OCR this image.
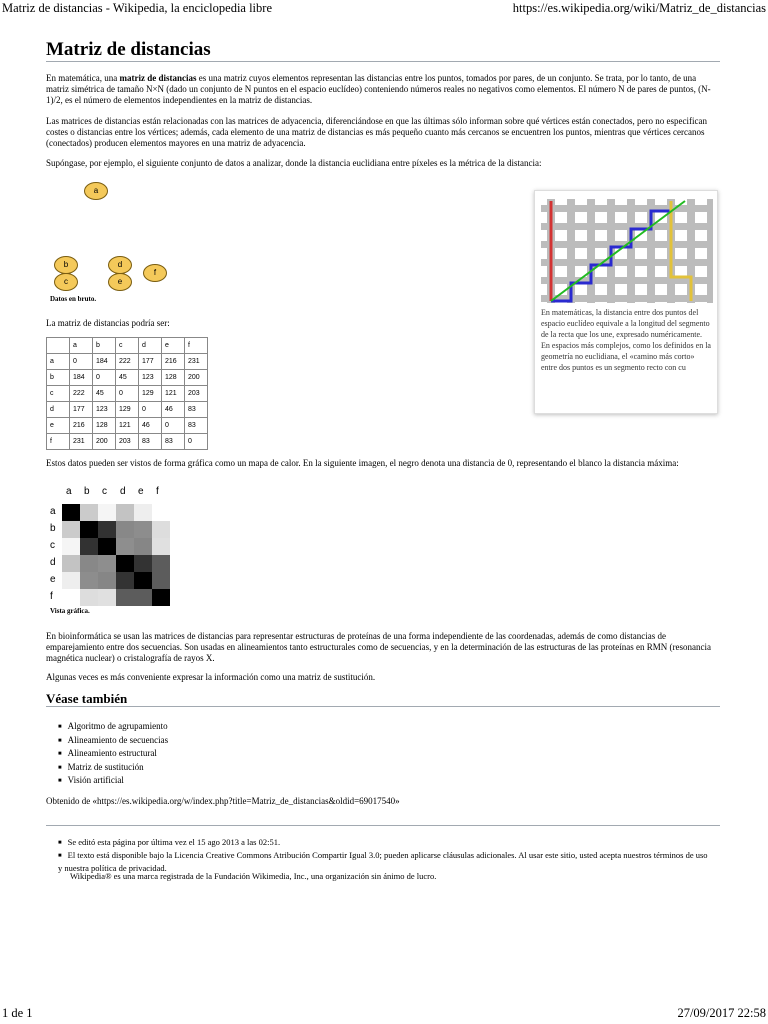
Matriz de distancias - Wikipedia, la enciclopedia libre	https://es.wikipedia.org/wiki/Matriz_de_distancias
Matriz de distancias

En matemática, una matriz de distancias es una matriz cuyos elementos representan las distancias entre los puntos, tomados por pares, de un conjunto. Se trata, por lo tanto, de una matriz simétrica de tamaño N×N (dado un conjunto de N puntos en el espacio euclídeo) conteniendo números reales no negativos como elementos. El número N de pares de puntos, (N-1)/2, es el número de elementos independientes en la matriz de distancias.

Las matrices de distancias están relacionadas con las matrices de adyacencia, diferenciándose en que las últimas sólo informan sobre qué vértices están conectados, pero no especifican costes o distancias entre los vértices; además, cada elemento de una matriz de distancias es más pequeño cuanto más cercanos se encuentren los puntos, mientras que vértices cercanos (conectados) producen elementos mayores en una matriz de adyacencia.

Supóngase, por ejemplo, el siguiente conjunto de datos a analizar, donde la distancia euclidiana entre píxeles es la métrica de la distancia:

a
b
c
d
e
f
Datos en bruto.

La matriz de distancias podría ser:

	a	b	c	d	e	f
a	0	184	222	177	216	231
b	184	0	45	123	128	200
c	222	45	0	129	121	203
d	177	123	129	0	46	83
e	216	128	121	46	0	83
f	231	200	203	83	83	0

Estos datos pueden ser vistos de forma gráfica como un mapa de calor. En la siguiente imagen, el negro denota una distancia de 0, representando el blanco la distancia máxima:

a
a
b
b
c
c
d
d
e
e
f
f
Vista gráfica.

En bioinformática se usan las matrices de distancias para representar estructuras de proteínas de una forma independiente de las coordenadas, además de como distancias de emparejamiento entre dos secuencias. Son usadas en alineamientos tanto estructurales como de secuencias, y en la determinación de las estructuras de las proteínas en RMN (resonancia magnética nuclear) o cristalografía de rayos X.

Algunas veces es más conveniente expresar la información como una matriz de sustitución.

Véase también
■ Algoritmo de agrupamiento
■ Alineamiento de secuencias
■ Alineamiento estructural
■ Matriz de sustitución
■ Visión artificial

Obtenido de «https://es.wikipedia.org/w/index.php?title=Matriz_de_distancias&oldid=69017540»

■ Se editó esta página por última vez el 15 ago 2013 a las 02:51.
■ El texto está disponible bajo la Licencia Creative Commons Atribución Compartir Igual 3.0; pueden aplicarse cláusulas adicionales. Al usar este sitio, usted acepta nuestros términos de uso y nuestra política de privacidad.
Wikipedia® es una marca registrada de la Fundación Wikimedia, Inc., una organización sin ánimo de lucro.
En matemáticas, la distancia entre dos puntos del espacio euclídeo equivale a la longitud del segmento de la recta que los une, expresado numéricamente. En espacios más complejos, como los definidos en la geometría no euclidiana, el «camino más corto» entre dos puntos es un segmento recto con cu
1 de 1	27/09/2017 22:58
